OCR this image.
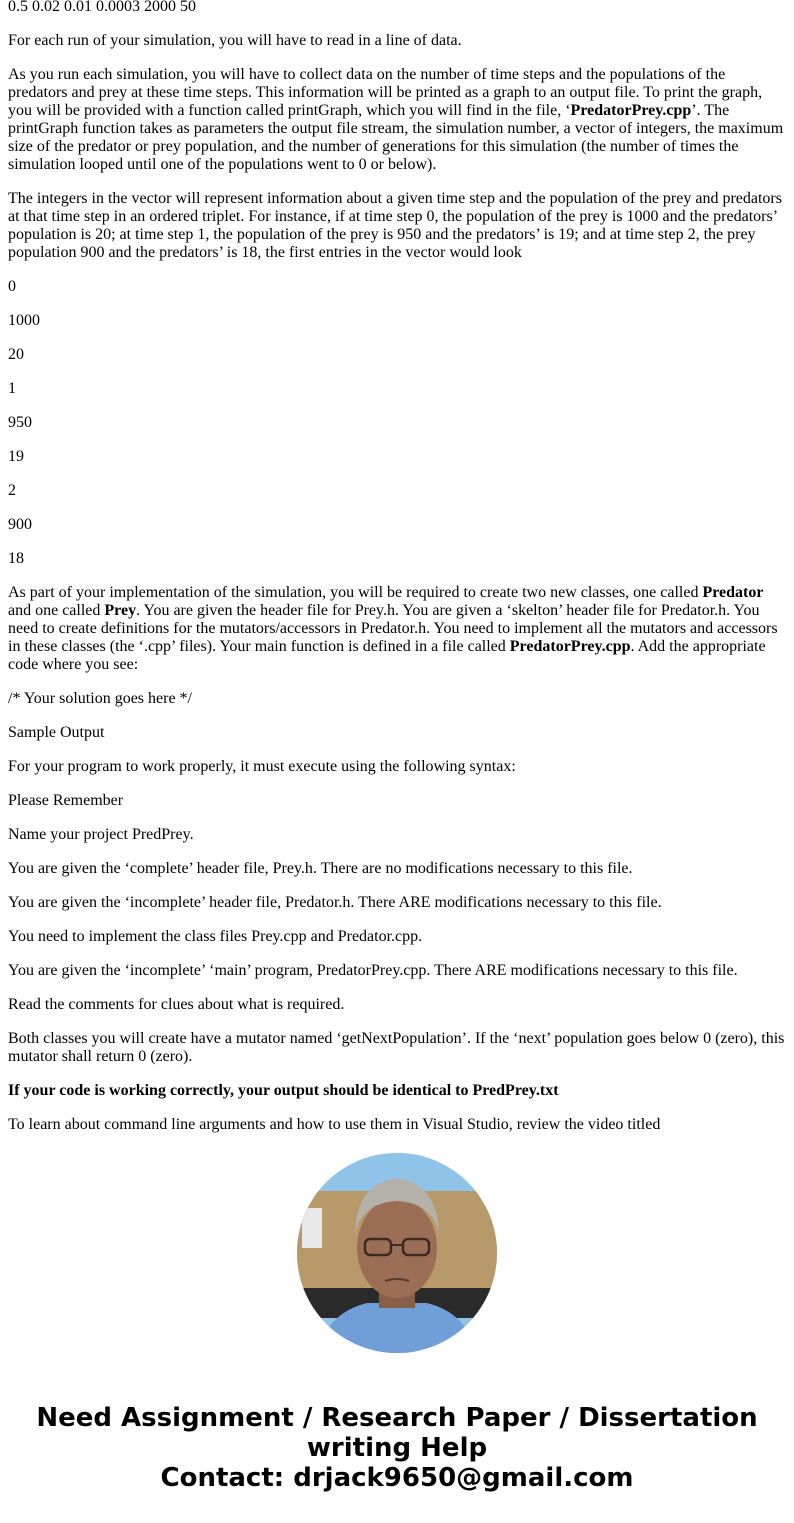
0.5 0.02 0.01 0.0003 2000 50

For each run of your simulation, you will have to read in a line of data.

As you run each simulation, you will have to collect data on the number of time steps and the populations of the predators and prey at these time steps. This information will be printed as a graph to an output file. To print the graph, you will be provided with a function called printGraph, which you will find in the file, ‘PredatorPrey.cpp’. The printGraph function takes as parameters the output file stream, the simulation number, a vector of integers, the maximum size of the predator or prey population, and the number of generations for this simulation (the number of times the simulation looped until one of the populations went to 0 or below).

The integers in the vector will represent information about a given time step and the population of the prey and predators at that time step in an ordered triplet. For instance, if at time step 0, the population of the prey is 1000 and the predators’ population is 20; at time step 1, the population of the prey is 950 and the predators’ is 19; and at time step 2, the prey population 900 and the predators’ is 18, the first entries in the vector would look

0

1000

20

1

950

19

2

900

18

As part of your implementation of the simulation, you will be required to create two new classes, one called Predator and one called Prey. You are given the header file for Prey.h. You are given a ‘skelton’ header file for Predator.h. You need to create definitions for the mutators/accessors in Predator.h. You need to implement all the mutators and accessors in these classes (the ‘.cpp’ files). Your main function is defined in a file called PredatorPrey.cpp. Add the appropriate code where you see:

/* Your solution goes here */

Sample Output

For your program to work properly, it must execute using the following syntax:

Please Remember

Name your project PredPrey.

You are given the ‘complete’ header file, Prey.h. There are no modifications necessary to this file.

You are given the ‘incomplete’ header file, Predator.h. There ARE modifications necessary to this file.

You need to implement the class files Prey.cpp and Predator.cpp.

You are given the ‘incomplete’ ‘main’ program, PredatorPrey.cpp. There ARE modifications necessary to this file.

Read the comments for clues about what is required.

Both classes you will create have a mutator named ‘getNextPopulation’. If the ‘next’ population goes below 0 (zero), this mutator shall return 0 (zero).

If your code is working correctly, your output should be identical to PredPrey.txt

To learn about command line arguments and how to use them in Visual Studio, review the video titled

Need Assignment / Research Paper / Dissertation writing Help
Contact: drjack9650@gmail.com
